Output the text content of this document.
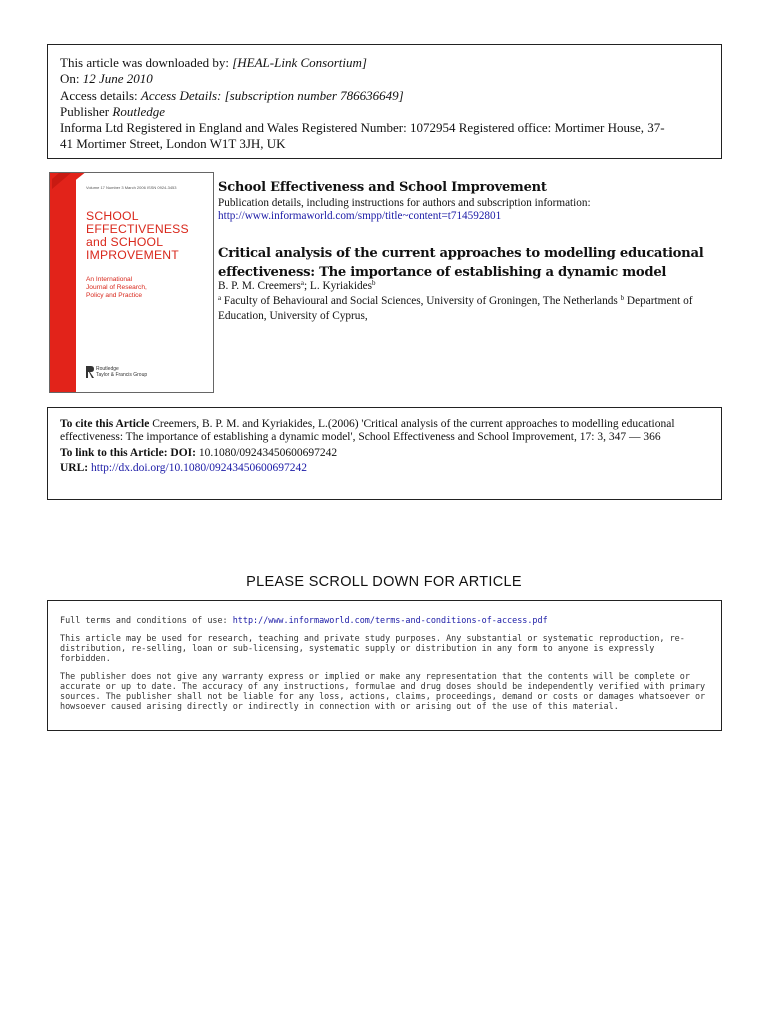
This article was downloaded by: [HEAL-Link Consortium]
On: 12 June 2010
Access details: Access Details: [subscription number 786636649]
Publisher Routledge
Informa Ltd Registered in England and Wales Registered Number: 1072954 Registered office: Mortimer House, 37-
41 Mortimer Street, London W1T 3JH, UK
Volume 17 Number 3 March 2006 ISSN 0924-3453
SCHOOL
EFFECTIVENESS
and SCHOOL
IMPROVEMENT
An International
Journal of Research,
Policy and Practice
Routledge
Taylor & Francis Group
School Effectiveness and School Improvement
Publication details, including instructions for authors and subscription information:
http://www.informaworld.com/smpp/title~content=t714592801
Critical analysis of the current approaches to modelling educational effectiveness: The importance of establishing a dynamic model
B. P. M. Creemers$^a$; L. Kyriakides$^b$
$^a$ Faculty of Behavioural and Social Sciences, University of Groningen, The Netherlands $^b$ Department of Education, University of Cyprus,
To cite this Article Creemers, B. P. M. and Kyriakides, L.(2006) 'Critical analysis of the current approaches to modelling educational effectiveness: The importance of establishing a dynamic model', School Effectiveness and School Improvement, 17: 3, 347 — 366
To link to this Article: DOI: 10.1080/09243450600697242
URL: http://dx.doi.org/10.1080/09243450600697242
PLEASE SCROLL DOWN FOR ARTICLE

Full terms and conditions of use: http://www.informaworld.com/terms-and-conditions-of-access.pdf

This article may be used for research, teaching and private study purposes. Any substantial or systematic reproduction, re-distribution, re-selling, loan or sub-licensing, systematic supply or distribution in any form to anyone is expressly forbidden.

The publisher does not give any warranty express or implied or make any representation that the contents will be complete or accurate or up to date. The accuracy of any instructions, formulae and drug doses should be independently verified with primary sources. The publisher shall not be liable for any loss, actions, claims, proceedings, demand or costs or damages whatsoever or howsoever caused arising directly or indirectly in connection with or arising out of the use of this material.
